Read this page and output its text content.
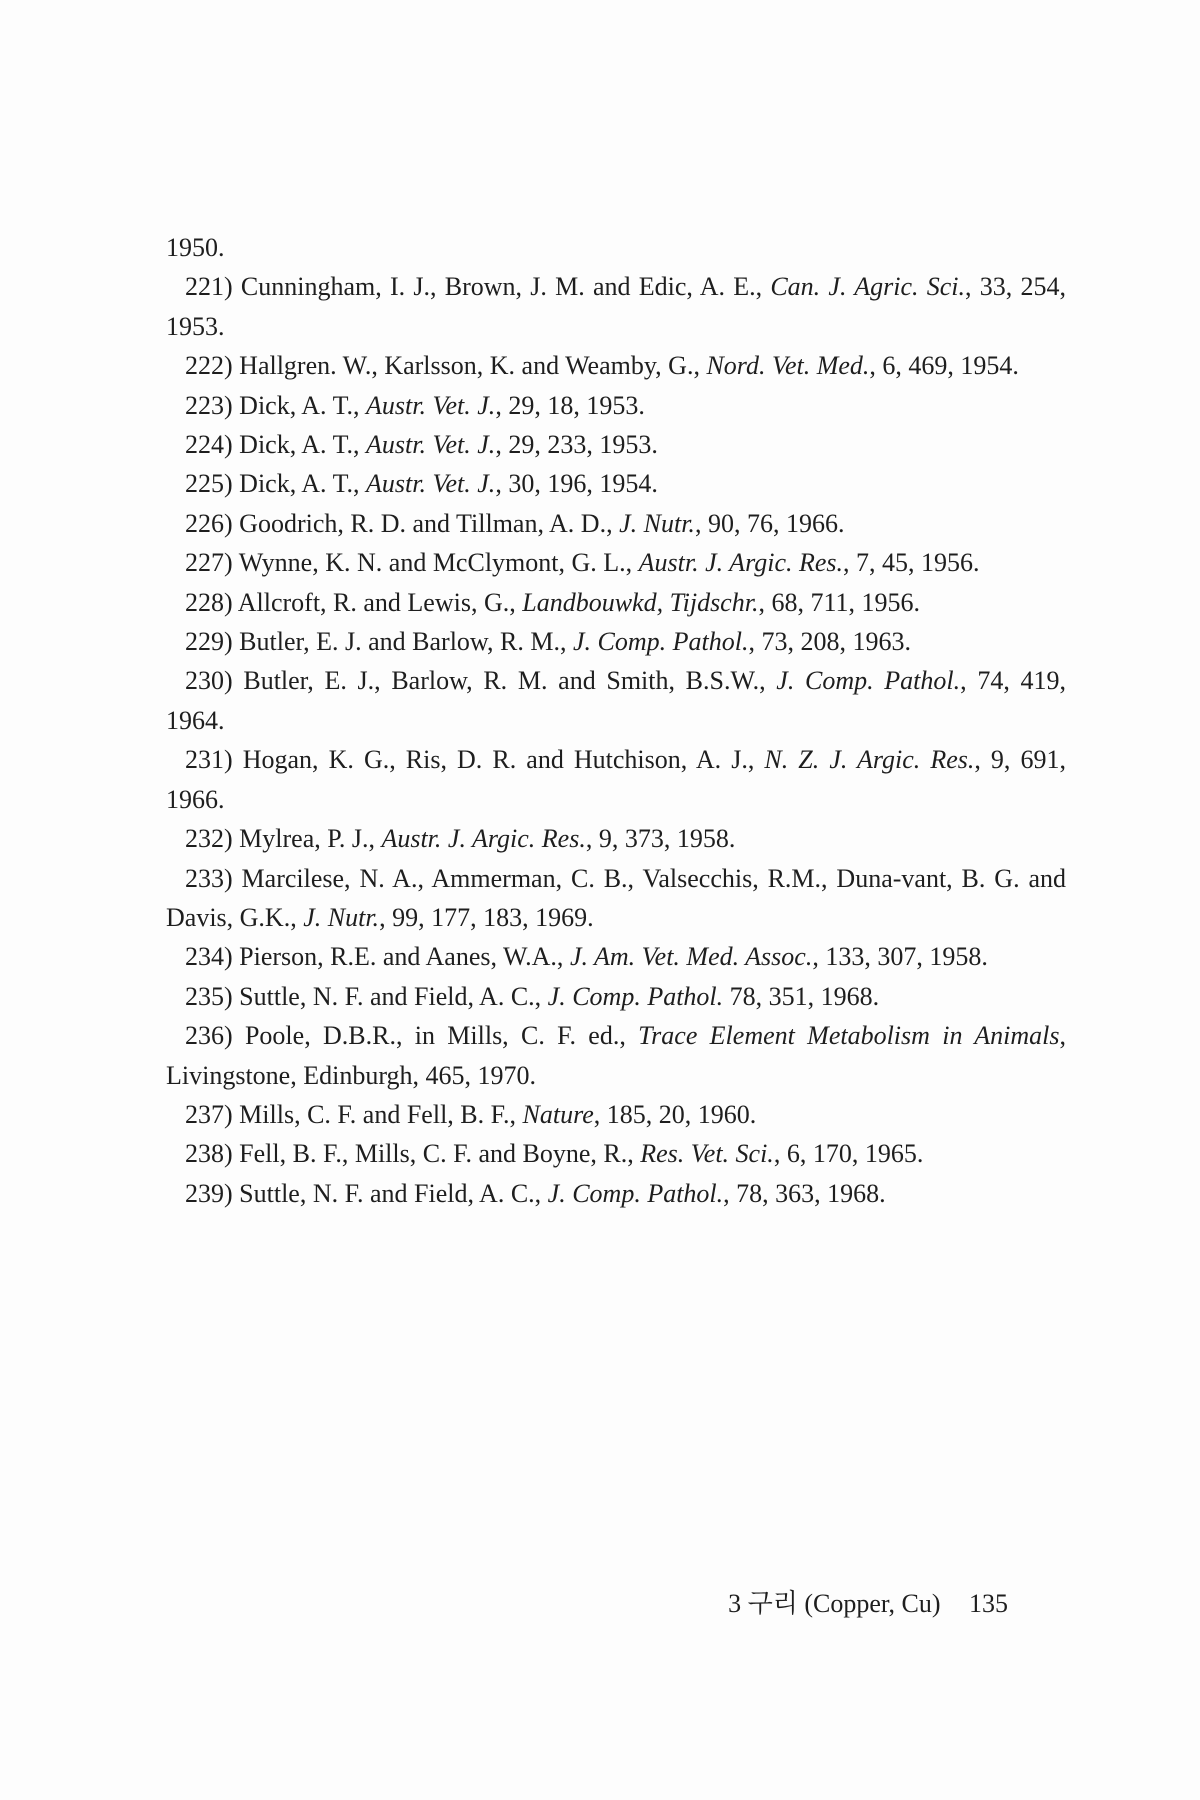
1950.

221) Cunningham, I. J., Brown, J. M. and Edic, A. E., Can. J. Agric. Sci., 33, 254, 1953.

222) Hallgren. W., Karlsson, K. and Weamby, G., Nord. Vet. Med., 6, 469, 1954.

223) Dick, A. T., Austr. Vet. J., 29, 18, 1953.

224) Dick, A. T., Austr. Vet. J., 29, 233, 1953.

225) Dick, A. T., Austr. Vet. J., 30, 196, 1954.

226) Goodrich, R. D. and Tillman, A. D., J. Nutr., 90, 76, 1966.

227) Wynne, K. N. and McClymont, G. L., Austr. J. Argic. Res., 7, 45, 1956.

228) Allcroft, R. and Lewis, G., Landbouwkd, Tijdschr., 68, 711, 1956.

229) Butler, E. J. and Barlow, R. M., J. Comp. Pathol., 73, 208, 1963.

230) Butler, E. J., Barlow, R. M. and Smith, B.S.W., J. Comp. Pathol., 74, 419, 1964.

231) Hogan, K. G., Ris, D. R. and Hutchison, A. J., N. Z. J. Argic. Res., 9, 691, 1966.

232) Mylrea, P. J., Austr. J. Argic. Res., 9, 373, 1958.

233) Marcilese, N. A., Ammerman, C. B., Valsecchis, R.M., Duna-vant, B. G. and Davis, G.K., J. Nutr., 99, 177, 183, 1969.

234) Pierson, R.E. and Aanes, W.A., J. Am. Vet. Med. Assoc., 133, 307, 1958.

235) Suttle, N. F. and Field, A. C., J. Comp. Pathol. 78, 351, 1968.

236) Poole, D.B.R., in Mills, C. F. ed., Trace Element Metabolism in Animals, Livingstone, Edinburgh, 465, 1970.

237) Mills, C. F. and Fell, B. F., Nature, 185, 20, 1960.

238) Fell, B. F., Mills, C. F. and Boyne, R., Res. Vet. Sci., 6, 170, 1965.

239) Suttle, N. F. and Field, A. C., J. Comp. Pathol., 78, 363, 1968.

3 구리 (Copper, Cu) 135
